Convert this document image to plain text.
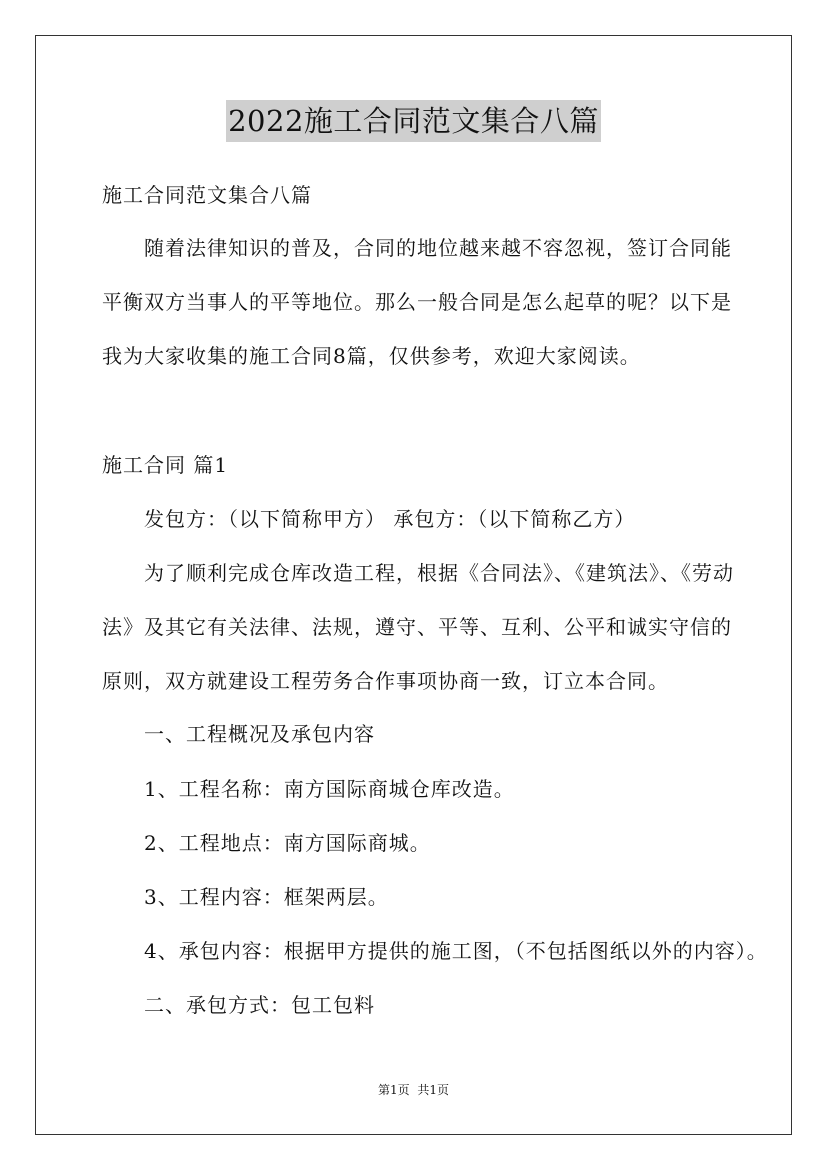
2022施工合同范文集合八篇
施工合同范文集合八篇
随着法律知识的普及，合同的地位越来越不容忽视，签订合同能
平衡双方当事人的平等地位。那么一般合同是怎么起草的呢？以下是
我为大家收集的施工合同8篇，仅供参考，欢迎大家阅读。
施工合同 篇1
发包方：（以下简称甲方） 承包方：（以下简称乙方）
为了顺利完成仓库改造工程，根据《合同法》、《建筑法》、《劳动
法》及其它有关法律、法规，遵守、平等、互利、公平和诚实守信的
原则，双方就建设工程劳务合作事项协商一致，订立本合同。
一、工程概况及承包内容
1、工程名称：南方国际商城仓库改造。
2、工程地点：南方国际商城。
3、工程内容：框架两层。
4、承包内容：根据甲方提供的施工图，（不包括图纸以外的内容）。
二、承包方式：包工包料
第1页 共1页
